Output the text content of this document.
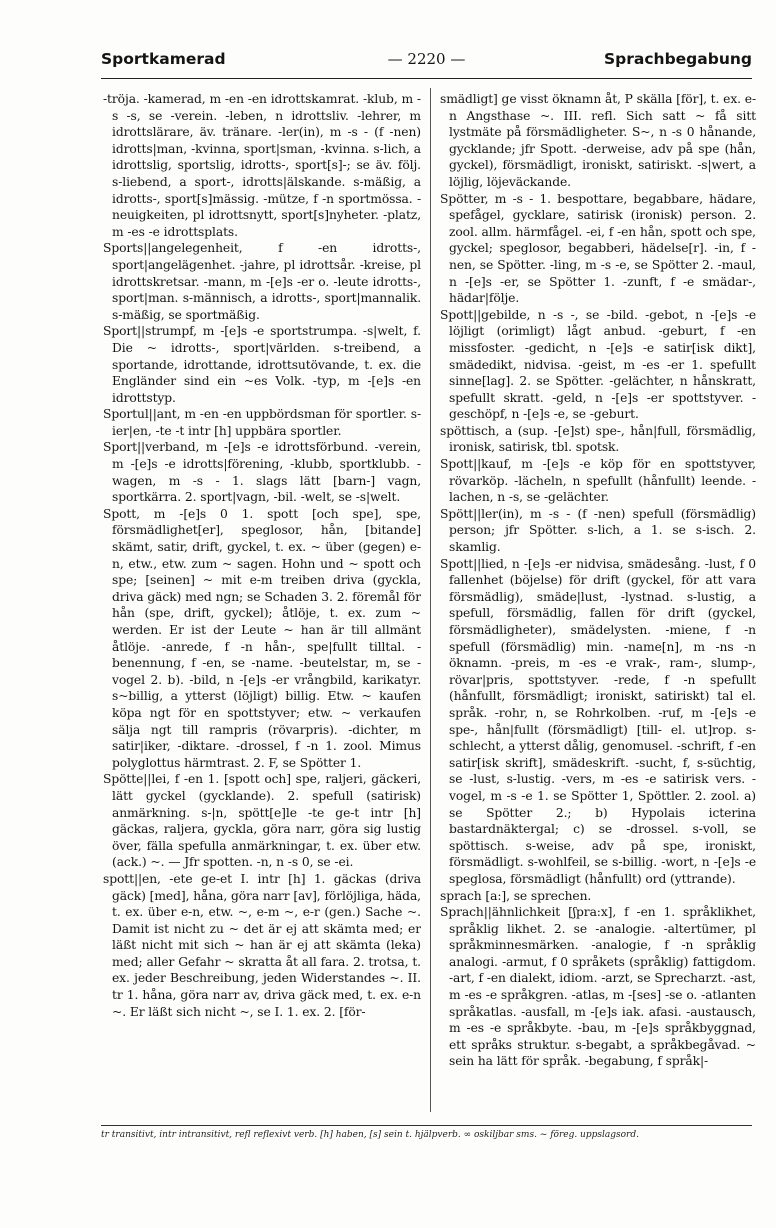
Sportkamerad	— 2220 —	Sprachbegabung

-tröja. -kamerad, m -en -en idrottskamrat. -klub, m -s -s, se -verein. -leben, n idrottsliv. -lehrer, m idrottslärare, äv. tränare. -ler(in), m -s - (f -nen) idrotts|man, -kvinna, sport|sman, -kvinna. s-lich, a idrottslig, sportslig, idrotts-, sport[s]-; se äv. följ. s-liebend, a sport-, idrotts|älskande. s-mäßig, a idrotts-, sport[s]mässig. -mütze, f -n sportmössa. -neuigkeiten, pl idrottsnytt, sport[s]nyheter. -platz, m -es -e idrottsplats.

Sports||angelegenheit, f -en idrotts-, sport|angelägenhet. -jahre, pl idrottsår. -kreise, pl idrottskretsar. -mann, m -[e]s -er o. -leute idrotts-, sport|man. s-männisch, a idrotts-, sport|mannalik. s-mäßig, se sportmäßig.

Sport||strumpf, m -[e]s -e sportstrumpa. -s|welt, f. Die ~ idrotts-, sport|världen. s-treibend, a sportande, idrottande, idrottsutövande, t. ex. die Engländer sind ein ~es Volk. -typ, m -[e]s -en idrottstyp.

Sportul||ant, m -en -en uppbördsman för sportler. s-ier|en, -te -t intr [h] uppbära sportler.

Sport||verband, m -[e]s -e idrottsförbund. -verein, m -[e]s -e idrotts|förening, -klubb, sportklubb. -wagen, m -s - 1. slags lätt [barn-] vagn, sportkärra. 2. sport|vagn, -bil. -welt, se -s|welt.

Spott, m -[e]s 0 1. spott [och spe], spe, försmädlighet[er], speglosor, hån, [bitande] skämt, satir, drift, gyckel, t. ex. ~ über (gegen) e-n, etw., etw. zum ~ sagen. Hohn und ~ spott och spe; [seinen] ~ mit e-m treiben driva (gyckla, driva gäck) med ngn; se Schaden 3. 2. föremål för hån (spe, drift, gyckel); åtlöje, t. ex. zum ~ werden. Er ist der Leute ~ han är till allmänt åtlöje. -anrede, f -n hån-, spe|fullt tilltal. -benennung, f -en, se -name. -beutelstar, m, se -vogel 2. b). -bild, n -[e]s -er vrångbild, karikatyr. s~billig, a ytterst (löjligt) billig. Etw. ~ kaufen köpa ngt för en spottstyver; etw. ~ verkaufen sälja ngt till rampris (rövarpris). -dichter, m satir|iker, -diktare. -drossel, f -n 1. zool. Mimus polyglottus härmtrast. 2. F, se Spötter 1.

Spötte||lei, f -en 1. [spott och] spe, raljeri, gäckeri, lätt gyckel (gycklande). 2. spefull (satirisk) anmärkning. s-|n, spött[e]le -te ge-t intr [h] gäckas, raljera, gyckla, göra narr, göra sig lustig över, fälla spefulla anmärkningar, t. ex. über etw. (ack.) ~. — Jfr spotten. -n, n -s 0, se -ei.

spott||en, -ete ge-et I. intr [h] 1. gäckas (driva gäck) [med], håna, göra narr [av], förlöjliga, häda, t. ex. über e-n, etw. ~, e-m ~, e-r (gen.) Sache ~. Damit ist nicht zu ~ det är ej att skämta med; er läßt nicht mit sich ~ han är ej att skämta (leka) med; aller Gefahr ~ skratta åt all fara. 2. trotsa, t. ex. jeder Beschreibung, jeden Widerstandes ~. II. tr 1. håna, göra narr av, driva gäck med, t. ex. e-n ~. Er läßt sich nicht ~, se I. 1. ex. 2. [för-

smädligt] ge visst öknamn åt, P skälla [för], t. ex. e-n Angsthase ~. III. refl. Sich satt ~ få sitt lystmäte på försmädligheter. S~, n -s 0 hånande, gycklande; jfr Spott. -derweise, adv på spe (hån, gyckel), försmädligt, ironiskt, satiriskt. -s|wert, a löjlig, löjeväckande.

Spötter, m -s - 1. bespottare, begabbare, hädare, spefågel, gycklare, satirisk (ironisk) person. 2. zool. allm. härmfågel. -ei, f -en hån, spott och spe, gyckel; speglosor, begabberi, hädelse[r]. -in, f -nen, se Spötter. -ling, m -s -e, se Spötter 2. -maul, n -[e]s -er, se Spötter 1. -zunft, f -e smädar-, hädar|följe.

Spott||gebilde, n -s -, se -bild. -gebot, n -[e]s -e löjligt (orimligt) lågt anbud. -geburt, f -en missfoster. -gedicht, n -[e]s -e satir[isk dikt], smädedikt, nidvisa. -geist, m -es -er 1. spefullt sinne[lag]. 2. se Spötter. -gelächter, n hånskratt, spefullt skratt. -geld, n -[e]s -er spottstyver. -geschöpf, n -[e]s -e, se -geburt.

spöttisch, a (sup. -[e]st) spe-, hån|full, försmädlig, ironisk, satirisk, tbl. spotsk.

Spott||kauf, m -[e]s -e köp för en spottstyver, rövarköp. -lächeln, n spefullt (hånfullt) leende. -lachen, n -s, se -gelächter.

Spött||ler(in), m -s - (f -nen) spefull (försmädlig) person; jfr Spötter. s-lich, a 1. se s-isch. 2. skamlig.

Spott||lied, n -[e]s -er nidvisa, smädesång. -lust, f 0 fallenhet (böjelse) för drift (gyckel, för att vara försmädlig), smäde|lust, -lystnad. s-lustig, a spefull, försmädlig, fallen för drift (gyckel, försmädligheter), smädelysten. -miene, f -n spefull (försmädlig) min. -name[n], m -ns -n öknamn. -preis, m -es -e vrak-, ram-, slump-, rövar|pris, spottstyver. -rede, f -n spefullt (hånfullt, försmädligt; ironiskt, satiriskt) tal el. språk. -rohr, n, se Rohrkolben. -ruf, m -[e]s -e spe-, hån|fullt (försmädligt) [till- el. ut]rop. s-schlecht, a ytterst dålig, genomusel. -schrift, f -en satir[isk skrift], smädeskrift. -sucht, f, s-süchtig, se -lust, s-lustig. -vers, m -es -e satirisk vers. -vogel, m -s -e 1. se Spötter 1, Spöttler. 2. zool. a) se Spötter 2.; b) Hypolais icterina bastardnäktergal; c) se -drossel. s-voll, se spöttisch. s-weise, adv på spe, ironiskt, försmädligt. s-wohlfeil, se s-billig. -wort, n -[e]s -e speglosa, försmädligt (hånfullt) ord (yttrande).

sprach [a:], se sprechen.

Sprach||ähnlichkeit [ʃpra:x], f -en 1. språklikhet, språklig likhet. 2. se -analogie. -altertümer, pl språkminnesmärken. -analogie, f -n språklig analogi. -armut, f 0 språkets (språklig) fattigdom. -art, f -en dialekt, idiom. -arzt, se Sprecharzt. -ast, m -es -e språkgren. -atlas, m -[ses] -se o. -atlanten språkatlas. -ausfall, m -[e]s iak. afasi. -austausch, m -es -e språkbyte. -bau, m -[e]s språkbyggnad, ett språks struktur. s-begabt, a språkbegåvad. ~ sein ha lätt för språk. -begabung, f språk|-

tr transitivt, intr intransitivt, refl reflexivt verb. [h] haben, [s] sein t. hjälpverb. ∞ oskiljbar sms. ~ föreg. uppslagsord.
